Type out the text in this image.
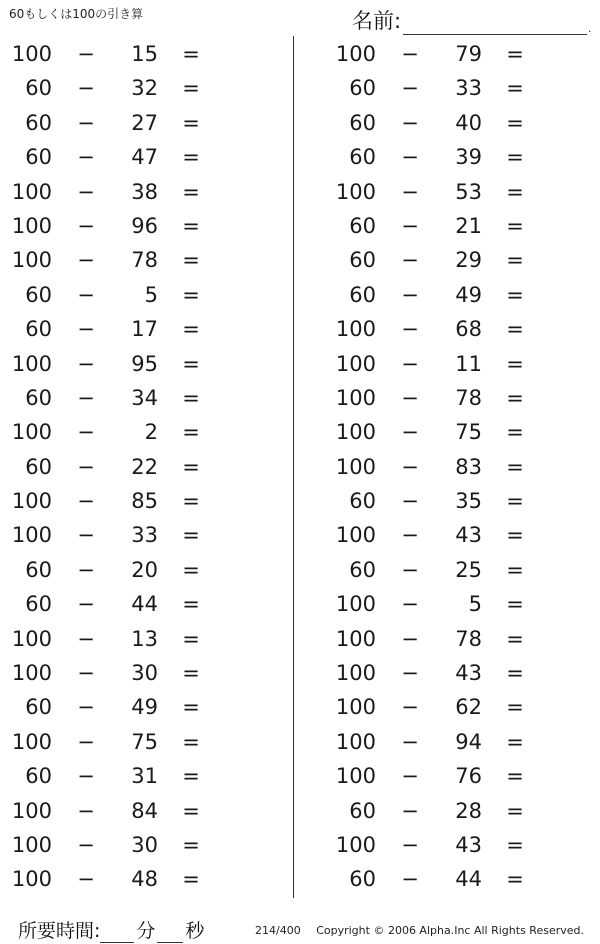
60もしくは100の引き算	名前:	.
100 −	15 =
60 −	32 =
60 −	27 =
60 −	47 =
100 −	38 =
100 −	96 =
100 −	78 =
60 −	5 =
60 −	17 =
100 −	95 =
60 −	34 =
100 −	2 =
60 −	22 =
100 −	85 =
100 −	33 =
60 −	20 =
60 −	44 =
100 −	13 =
100 −	30 =
60 −	49 =
100 −	75 =
60 −	31 =
100 −	84 =
100 −	30 =
100 −	48 =
100 −	79 =
60 −	33 =
60 −	40 =
60 −	39 =
100 −	53 =
60 −	21 =
60 −	29 =
60 −	49 =
100 −	68 =
100 −	11 =
100 −	78 =
100 −	75 =
100 −	83 =
60 −	35 =
100 −	43 =
60 −	25 =
100 −	5 =
100 −	78 =
100 −	43 =
100 −	62 =
100 −	94 =
100 −	76 =
60 −	28 =
100 −	43 =
60 −	44 =
所要時間: 分 秒	214/400 Copyright © 2006 Alpha.Inc All Rights Reserved.
